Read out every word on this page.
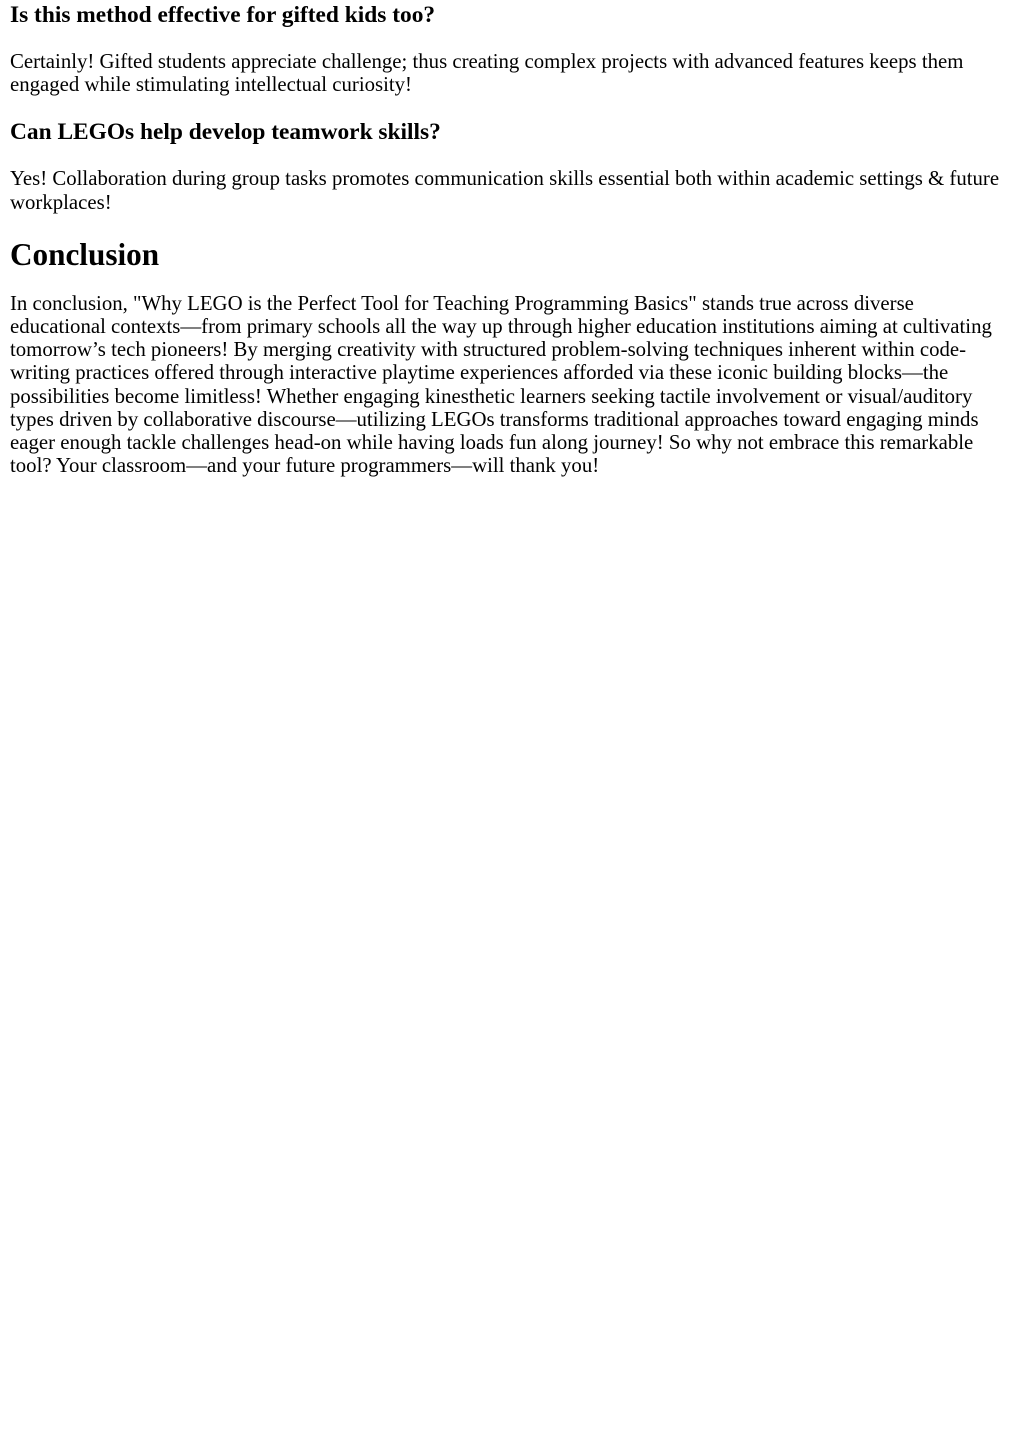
Is this method effective for gifted kids too?

Certainly! Gifted students appreciate challenge; thus creating complex projects with advanced features keeps them engaged while stimulating intellectual curiosity!

Can LEGOs help develop teamwork skills?

Yes! Collaboration during group tasks promotes communication skills essential both within academic settings & future workplaces!

Conclusion

In conclusion, "Why LEGO is the Perfect Tool for Teaching Programming Basics" stands true across diverse educational contexts—from primary schools all the way up through higher education institutions aiming at cultivating tomorrow’s tech pioneers! By merging creativity with structured problem-solving techniques inherent within code-writing practices offered through interactive playtime experiences afforded via these iconic building blocks—the possibilities become limitless! Whether engaging kinesthetic learners seeking tactile involvement or visual/auditory types driven by collaborative discourse—utilizing LEGOs transforms traditional approaches toward engaging minds eager enough tackle challenges head-on while having loads fun along journey! So why not embrace this remarkable tool? Your classroom—and your future programmers—will thank you!
